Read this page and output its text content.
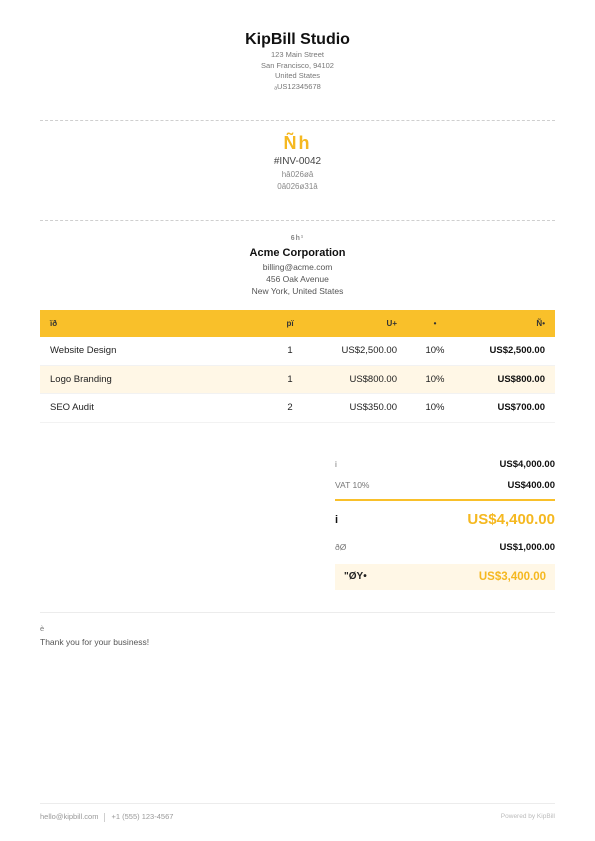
KipBill Studio
123 Main Street
San Francisco, 94102
United States
ₐUS12345678
Ñh
#INV-0042
hâ026øâ
0â026ø31â
6h¹
Acme Corporation
billing@acme.com
456 Oak Avenue
New York, United States
ïð	pï	U+	•	Ñ•
Website Design	1	US$2,500.00	10%	US$2,500.00
Logo Branding	1	US$800.00	10%	US$800.00
SEO Audit	2	US$350.00	10%	US$700.00
i	US$4,000.00
VAT 10%	US$400.00
i	US$4,400.00
ðØ	US$1,000.00
"ØY•	US$3,400.00
è
Thank you for your business!
hello@kipbill.com +1 (555) 123-4567	Powered by KipBill
